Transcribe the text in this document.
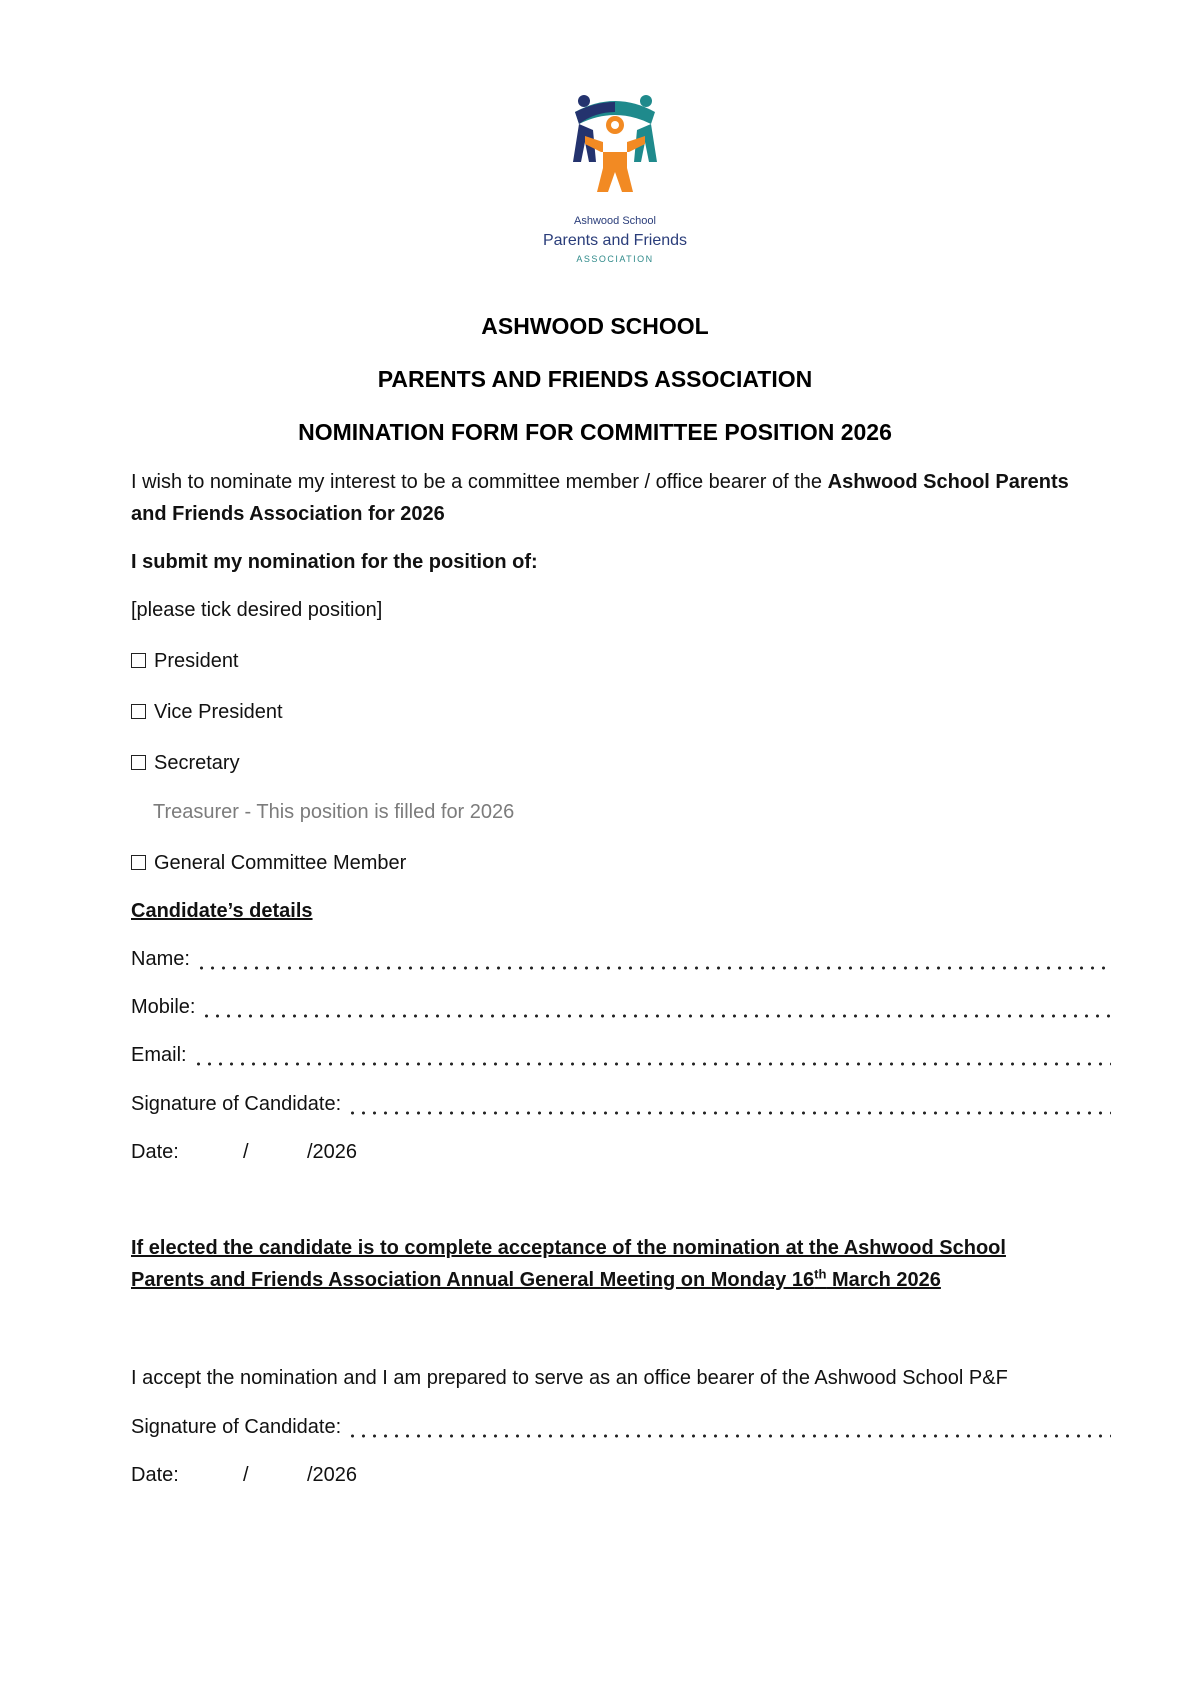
Ashwood School
Parents and Friends
ASSOCIATION
ASHWOOD SCHOOL
PARENTS AND FRIENDS ASSOCIATION
NOMINATION FORM FOR COMMITTEE POSITION 2026
I wish to nominate my interest to be a committee member / office bearer of the Ashwood School Parents and Friends Association for 2026
I submit my nomination for the position of:
[please tick desired position]
President
Vice President
Secretary
Treasurer - This position is filled for 2026
General Committee Member
Candidate’s details
Name:
Mobile:
Email:
Signature of Candidate:
Date:	/	/2026
If elected the candidate is to complete acceptance of the nomination at the Ashwood School Parents and Friends Association Annual General Meeting on Monday 16th March 2026
I accept the nomination and I am prepared to serve as an office bearer of the Ashwood School P&F
Signature of Candidate:
Date:	/	/2026
